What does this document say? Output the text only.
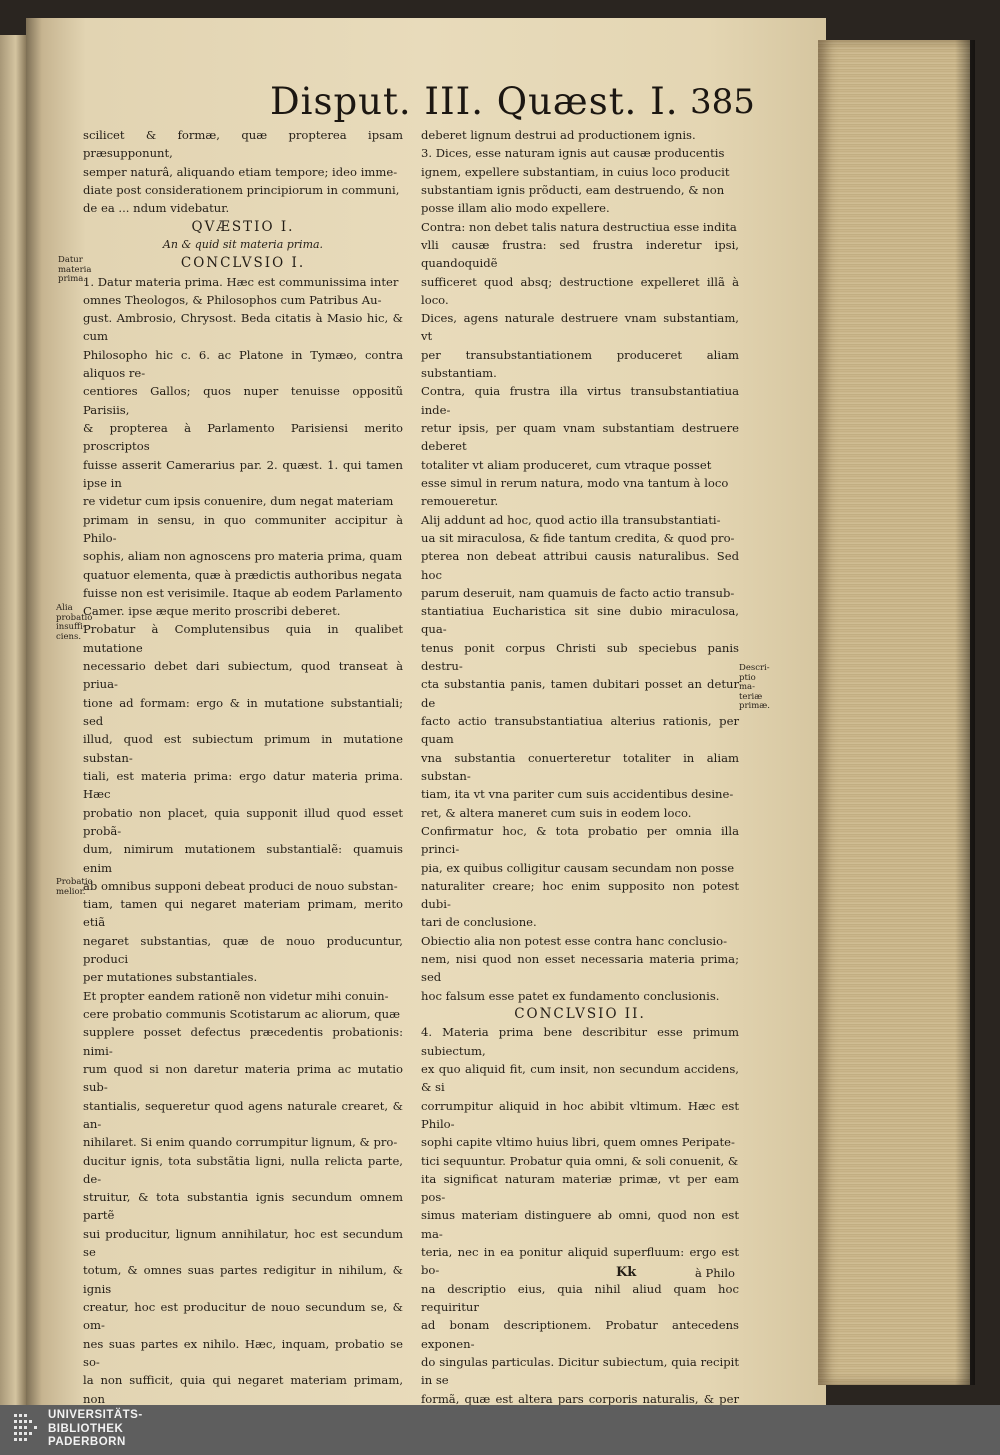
Disput. III. Quæst. I. 385

scilicet & formæ, quæ propterea ipsam præsupponunt,

semper naturâ, aliquando etiam tempore; ideo imme-

diate post considerationem principiorum in communi,

de ea ... ndum videbatur.

QVÆSTIO I.

An & quid sit materia prima.

CONCLVSIO I.

1. Datur materia prima. Hæc est communissima inter

omnes Theologos, & Philosophos cum Patribus Au-

gust. Ambrosio, Chrysost. Beda citatis à Masio hic, & cum

Philosopho hic c. 6. ac Platone in Tymæo, contra aliquos re-

centiores Gallos; quos nuper tenuisse oppositũ Parisiis,

& propterea à Parlamento Parisiensi merito proscriptos

fuisse asserit Camerarius par. 2. quæst. 1. qui tamen ipse in

re videtur cum ipsis conuenire, dum negat materiam

primam in sensu, in quo communiter accipitur à Philo-

sophis, aliam non agnoscens pro materia prima, quam

quatuor elementa, quæ à prædictis authoribus negata

fuisse non est verisimile. Itaque ab eodem Parlamento

Camer. ipse æque merito proscribi deberet.

Probatur à Complutensibus quia in qualibet mutatione

necessario debet dari subiectum, quod transeat à priua-

tione ad formam: ergo & in mutatione substantiali; sed

illud, quod est subiectum primum in mutatione substan-

tiali, est materia prima: ergo datur materia prima. Hæc

probatio non placet, quia supponit illud quod esset probã-

dum, nimirum mutationem substantialẽ: quamuis enim

ab omnibus supponi debeat produci de nouo substan-

tiam, tamen qui negaret materiam primam, merito etiã

negaret substantias, quæ de nouo producuntur, produci

per mutationes substantiales.

Et propter eandem rationẽ non videtur mihi conuin-

cere probatio communis Scotistarum ac aliorum, quæ

supplere posset defectus præcedentis probationis: nimi-

rum quod si non daretur materia prima ac mutatio sub-

stantialis, sequeretur quod agens naturale crearet, & an-

nihilaret. Si enim quando corrumpitur lignum, & pro-

ducitur ignis, tota substãtia ligni, nulla relicta parte, de-

struitur, & tota substantia ignis secundum omnem partẽ

sui producitur, lignum annihilatur, hoc est secundum se

totum, & omnes suas partes redigitur in nihilum, & ignis

creatur, hoc est producitur de nouo secundum se, & om-

nes suas partes ex nihilo. Hæc, inquam, probatio se so-

la non sufficit, quia qui negaret materiam primam, non

deberet lignum destrui ad productionem ignis.

3. Dices, esse naturam ignis aut causæ producentis

ignem, expellere substantiam, in cuius loco producit

substantiam ignis prõducti, eam destruendo, & non

posse illam alio modo expellere.

Contra: non debet talis natura destructiua esse indita

vlli causæ frustra: sed frustra inderetur ipsi, quandoquidẽ

sufficeret quod absq; destructione expelleret illã à loco.

Dices, agens naturale destruere vnam substantiam, vt

per transubstantiationem produceret aliam substantiam.

Contra, quia frustra illa virtus transubstantiatiua inde-

retur ipsis, per quam vnam substantiam destruere deberet

totaliter vt aliam produceret, cum vtraque posset

esse simul in rerum natura, modo vna tantum à loco

remoueretur.

Alij addunt ad hoc, quod actio illa transubstantiati-

ua sit miraculosa, & fide tantum credita, & quod pro-

pterea non debeat attribui causis naturalibus. Sed hoc

parum deseruit, nam quamuis de facto actio transub-

stantiatiua Eucharistica sit sine dubio miraculosa, qua-

tenus ponit corpus Christi sub speciebus panis destru-

cta substantia panis, tamen dubitari posset an detur de

facto actio transubstantiatiua alterius rationis, per quam

vna substantia conuerteretur totaliter in aliam substan-

tiam, ita vt vna pariter cum suis accidentibus desine-

ret, & altera maneret cum suis in eodem loco.

Confirmatur hoc, & tota probatio per omnia illa princi-

pia, ex quibus colligitur causam secundam non posse

naturaliter creare; hoc enim supposito non potest dubi-

tari de conclusione.

Obiectio alia non potest esse contra hanc conclusio-

nem, nisi quod non esset necessaria materia prima; sed

hoc falsum esse patet ex fundamento conclusionis.

CONCLVSIO II.

4. Materia prima bene describitur esse primum subiectum,

ex quo aliquid fit, cum insit, non secundum accidens, & si

corrumpitur aliquid in hoc abibit vltimum. Hæc est Philo-

sophi capite vltimo huius libri, quem omnes Peripate-

tici sequuntur. Probatur quia omni, & soli conuenit, &

ita significat naturam materiæ primæ, vt per eam pos-

simus materiam distinguere ab omni, quod non est ma-

teria, nec in ea ponitur aliquid superfluum: ergo est bo-

na descriptio eius, quia nihil aliud quam hoc requiritur

ad bonam descriptionem. Probatur antecedens exponen-

do singulas particulas. Dicitur subiectum, quia recipit in se

formã, quæ est altera pars corporis naturalis, & per

Datur materia prima.
Alia probatio insuffi-ciens.
Probatio melior.
Descri-ptio ma-teriæ primæ.
Kk	à Philo
UNIVERSITÄTS-
BIBLIOTHEK
PADERBORN
